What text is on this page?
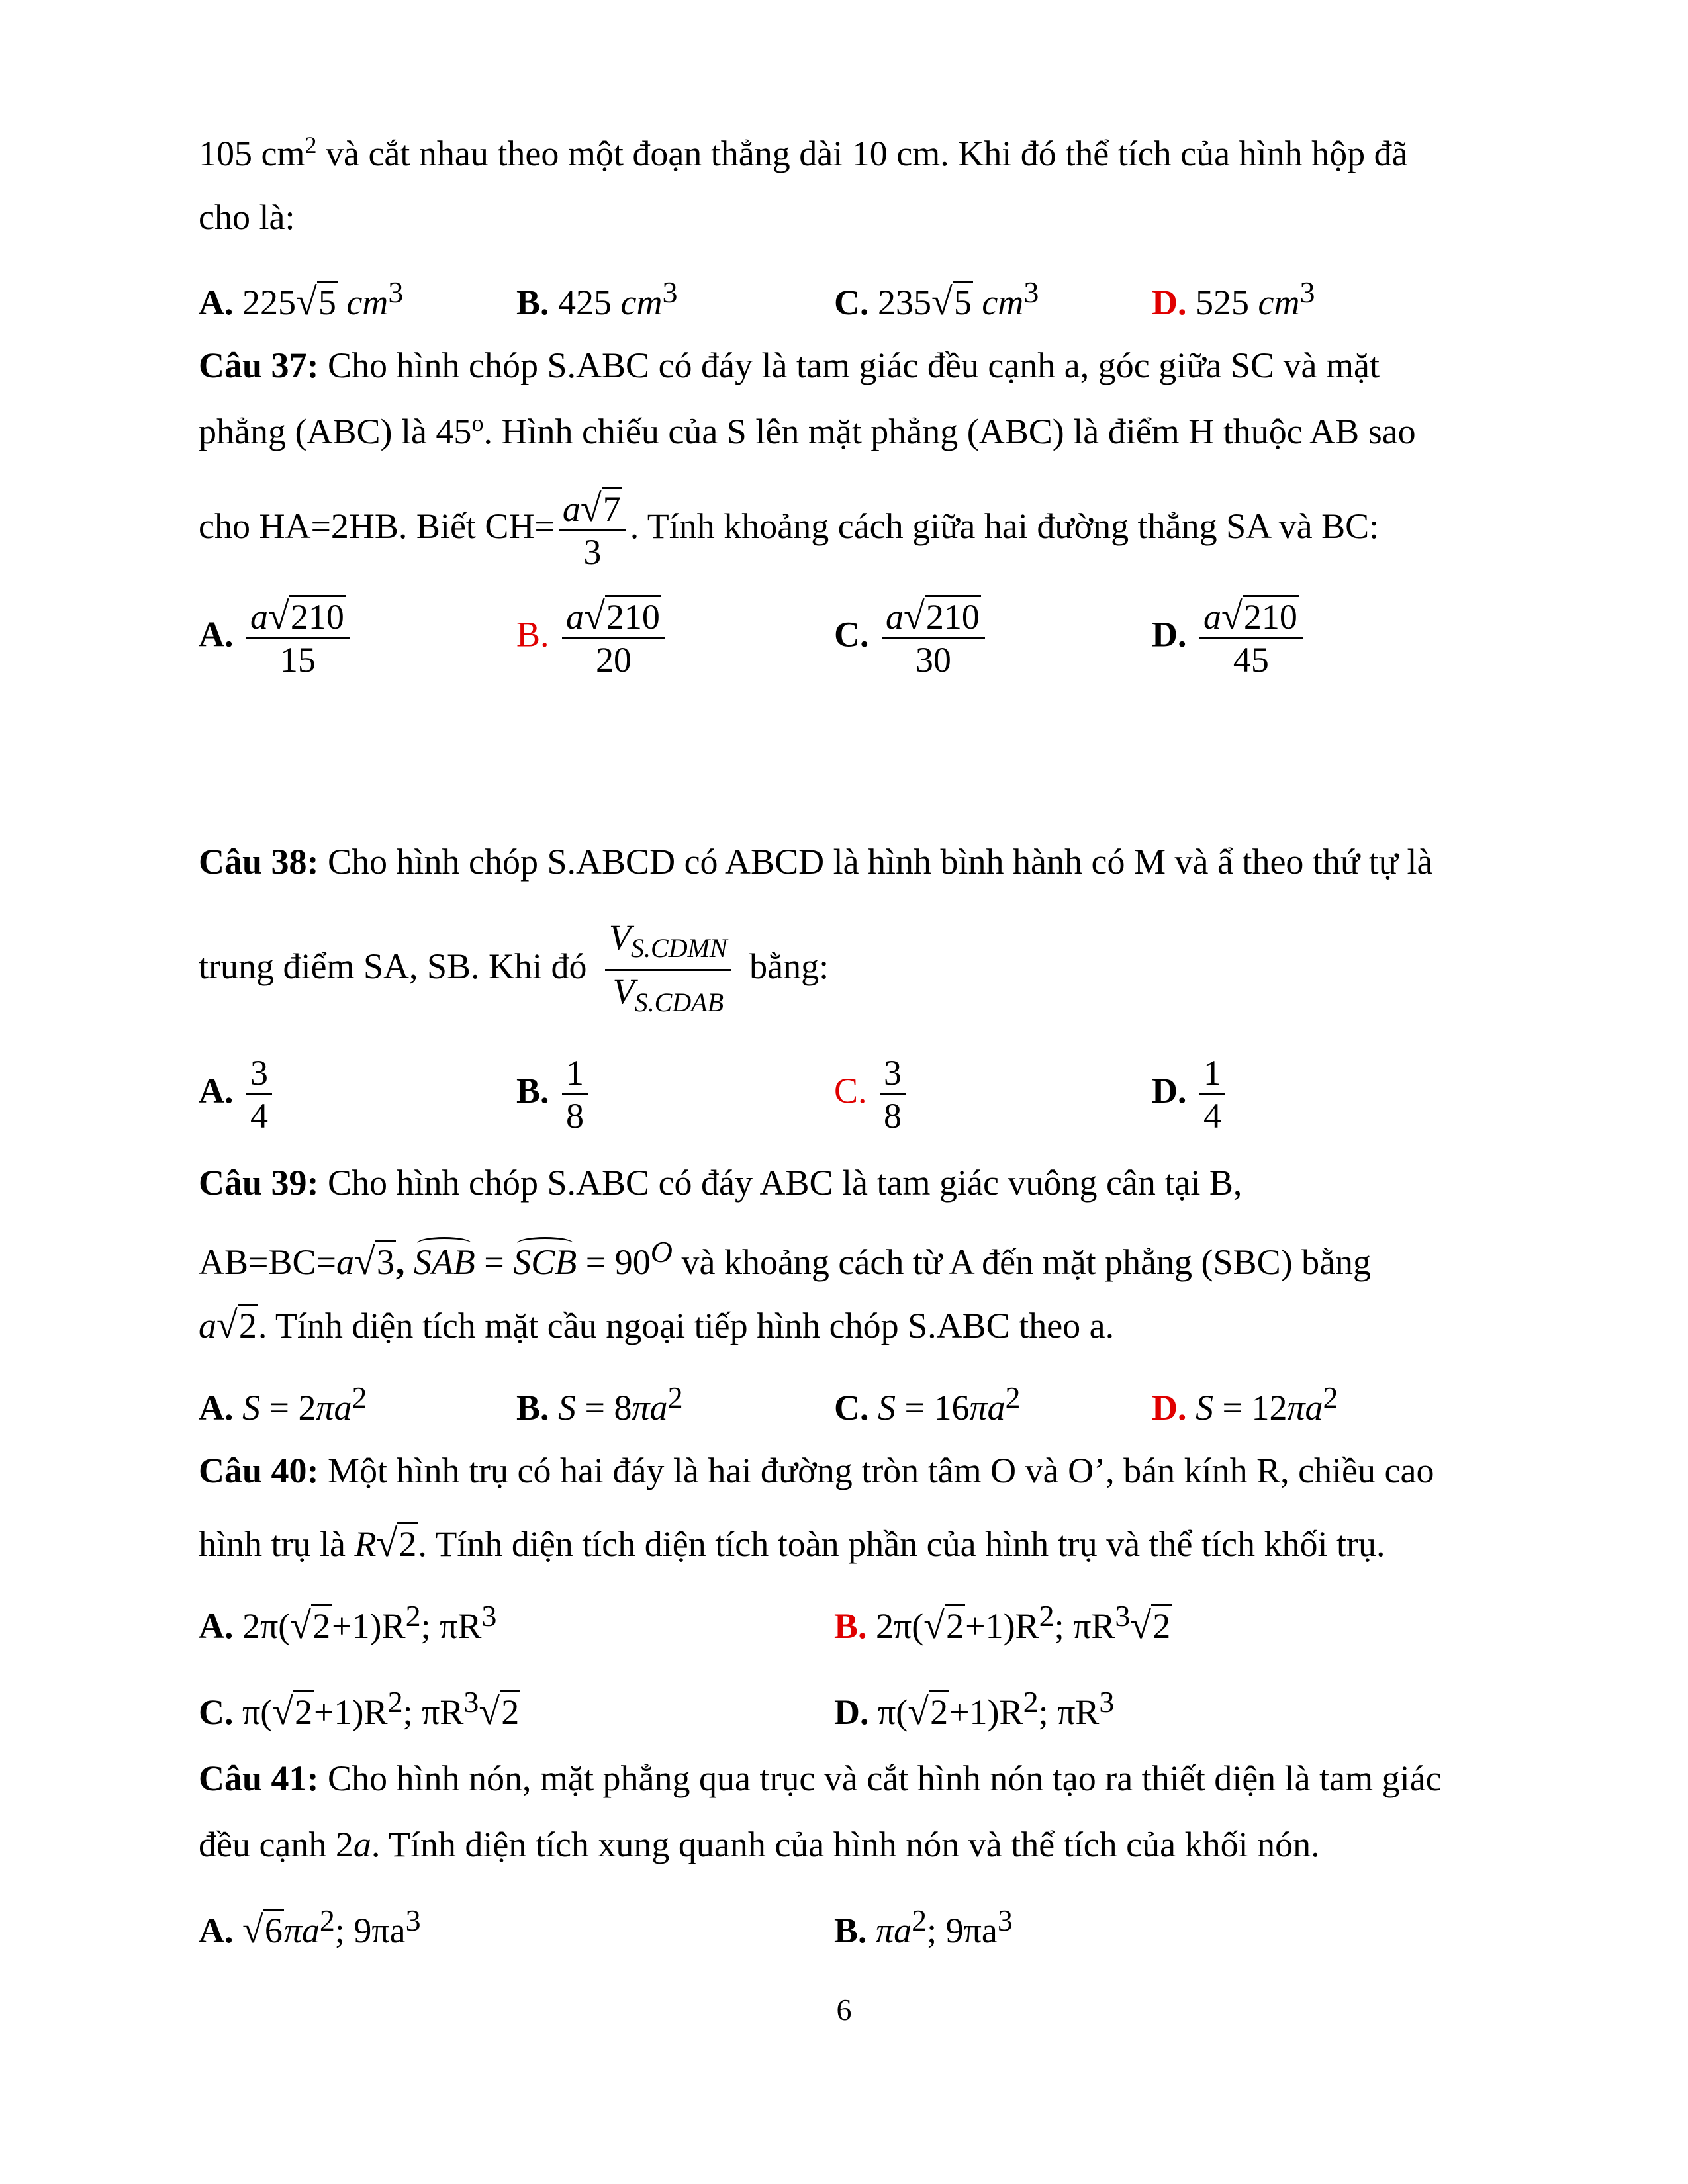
105 $cm^2$ và cắt nhau theo một đoạn thẳng dài 10 cm. Khi đó thể tích của hình hộp đã
cho là:
A. 225√5 cm3	B. 425 cm3	C. 235√5 cm3	D. 525 cm3
Câu 37: Cho hình chóp S.ABC có đáy là tam giác đều cạnh a, góc giữa SC và mặt
phẳng (ABC) là 45$^o$. Hình chiếu của S lên mặt phẳng (ABC) là điểm H thuộc AB sao
cho HA=2HB. Biết $CH= \frac{a√7}{3}$ . Tính khoảng cách giữa hai đường thẳng SA và BC:
A. $\frac{a√210}{15}$	B. $\frac{a√210}{20}$	C. $\frac{a√210}{30}$	D. $\frac{a√210}{45}$
Câu 38: Cho hình chóp S.ABCD có ABCD là hình bình hành có M và ẩ theo thứ tự là
trung điểm SA, SB. Khi đó $\frac{V_{S.CDMN}}{V_{S.CDAB}}$ bằng:
A. $\frac{3}{4}$	B. $\frac{1}{8}$	C. $\frac{3}{8}$	D. $\frac{1}{4}$
Câu 39: Cho hình chóp S.ABC có đáy ABC là tam giác vuông cân tại B,
AB=BC=a√3, SAB = SCB = 90O và khoảng cách từ A đến mặt phẳng (SBC) bằng
a√2. Tính diện tích mặt cầu ngoại tiếp hình chóp S.ABC theo a.
A. S = 2πa2	B. S = 8πa2	C. S = 16πa2	D. S = 12πa2
Câu 40: Một hình trụ có hai đáy là hai đường tròn tâm O và O’, bán kính R, chiều cao
hình trụ là R√2. Tính diện tích diện tích toàn phần của hình trụ và thể tích khối trụ.
A. 2π(√2+1)R2; πR3	B. 2π(√2+1)R2; πR3√2
C. π(√2+1)R2; πR3√2	D. π(√2+1)R2; πR3
Câu 41: Cho hình nón, mặt phẳng qua trục và cắt hình nón tạo ra thiết diện là tam giác
đều cạnh 2a. Tính diện tích xung quanh của hình nón và thể tích của khối nón.
A. √6πa2; 9πa3	B. πa2; 9πa3
6
